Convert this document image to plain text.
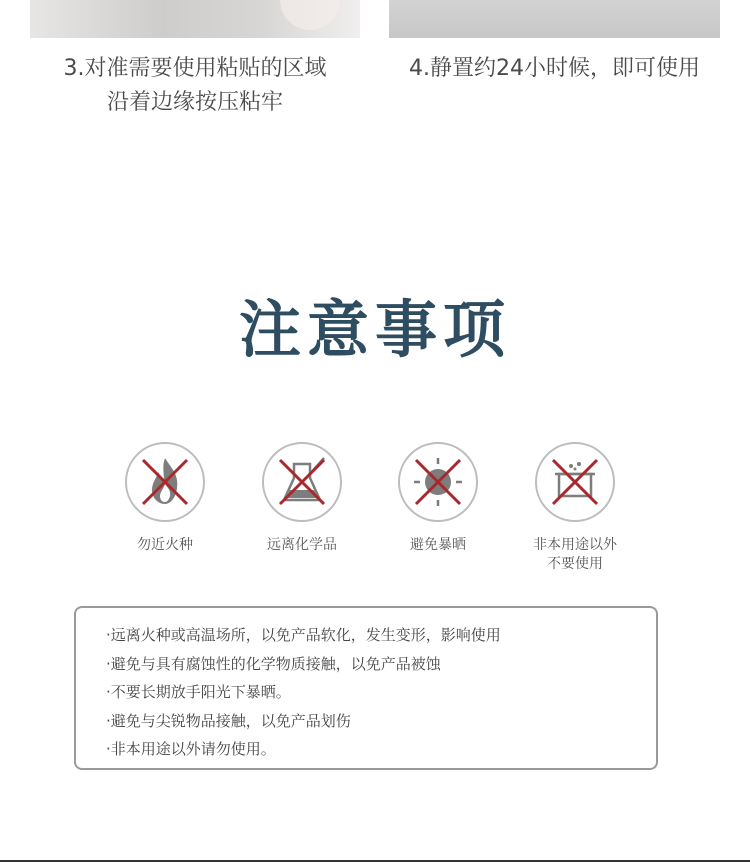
3.对准需要使用粘贴的区域
沿着边缘按压粘牢
4.静置约24小时候，即可使用
注意事项
勿近火种	远离化学品	避免暴晒	非本用途以外
不要使用
·远离火种或高温场所，以免产品软化，发生变形，影响使用
·避免与具有腐蚀性的化学物质接触，以免产品被蚀
·不要长期放手阳光下暴晒。
·避免与尖锐物品接触，以免产品划伤
·非本用途以外请勿使用。
